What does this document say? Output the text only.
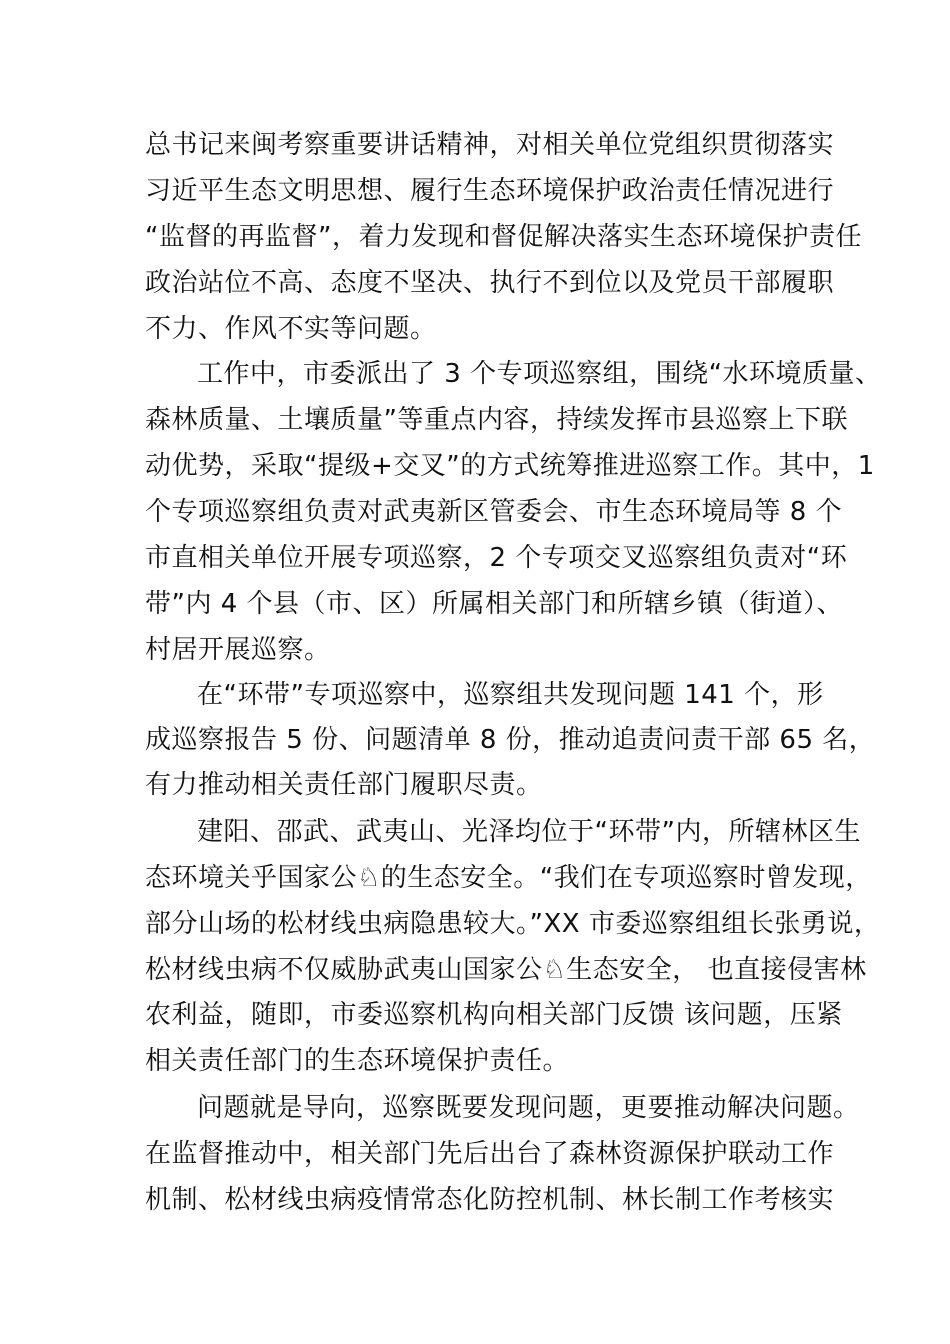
总书记来闽考察重要讲话精神，对相关单位党组织贯彻落实
习近平生态文明思想、履行生态环境保护政治责任情况进行
“监督的再监督”，着力发现和督促解决落实生态环境保护责任
政治站位不高、态度不坚决、执行不到位以及党员干部履职
不力、作风不实等问题。
工作中，市委派出了 3 个专项巡察组，围绕“水环境质量、
森林质量、土壤质量”等重点内容，持续发挥市县巡察上下联
动优势，采取“提级+交叉”的方式统筹推进巡察工作。其中，1
个专项巡察组负责对武夷新区管委会、市生态环境局等 8 个
市直相关单位开展专项巡察，2 个专项交叉巡察组负责对“环
带”内 4 个县（市、区）所属相关部门和所辖乡镇（街道）、
村居开展巡察。
在“环带”专项巡察中，巡察组共发现问题 141 个，形
成巡察报告 5 份、问题清单 8 份，推动追责问责干部 65 名，
有力推动相关责任部门履职尽责。
建阳、邵武、武夷山、光泽均位于“环带”内，所辖林区生
态环境关乎国家公♘的生态安全。“我们在专项巡察时曾发现，
部分山场的松材线虫病隐患较大。”XX 市委巡察组组长张勇说，
松材线虫病不仅威胁武夷山国家公♘生态安全， 也直接侵害林
农利益，随即，市委巡察机构向相关部门反馈 该问题，压紧
相关责任部门的生态环境保护责任。
问题就是导向，巡察既要发现问题，更要推动解决问题。
在监督推动中，相关部门先后出台了森林资源保护联动工作
机制、松材线虫病疫情常态化防控机制、林长制工作考核实
